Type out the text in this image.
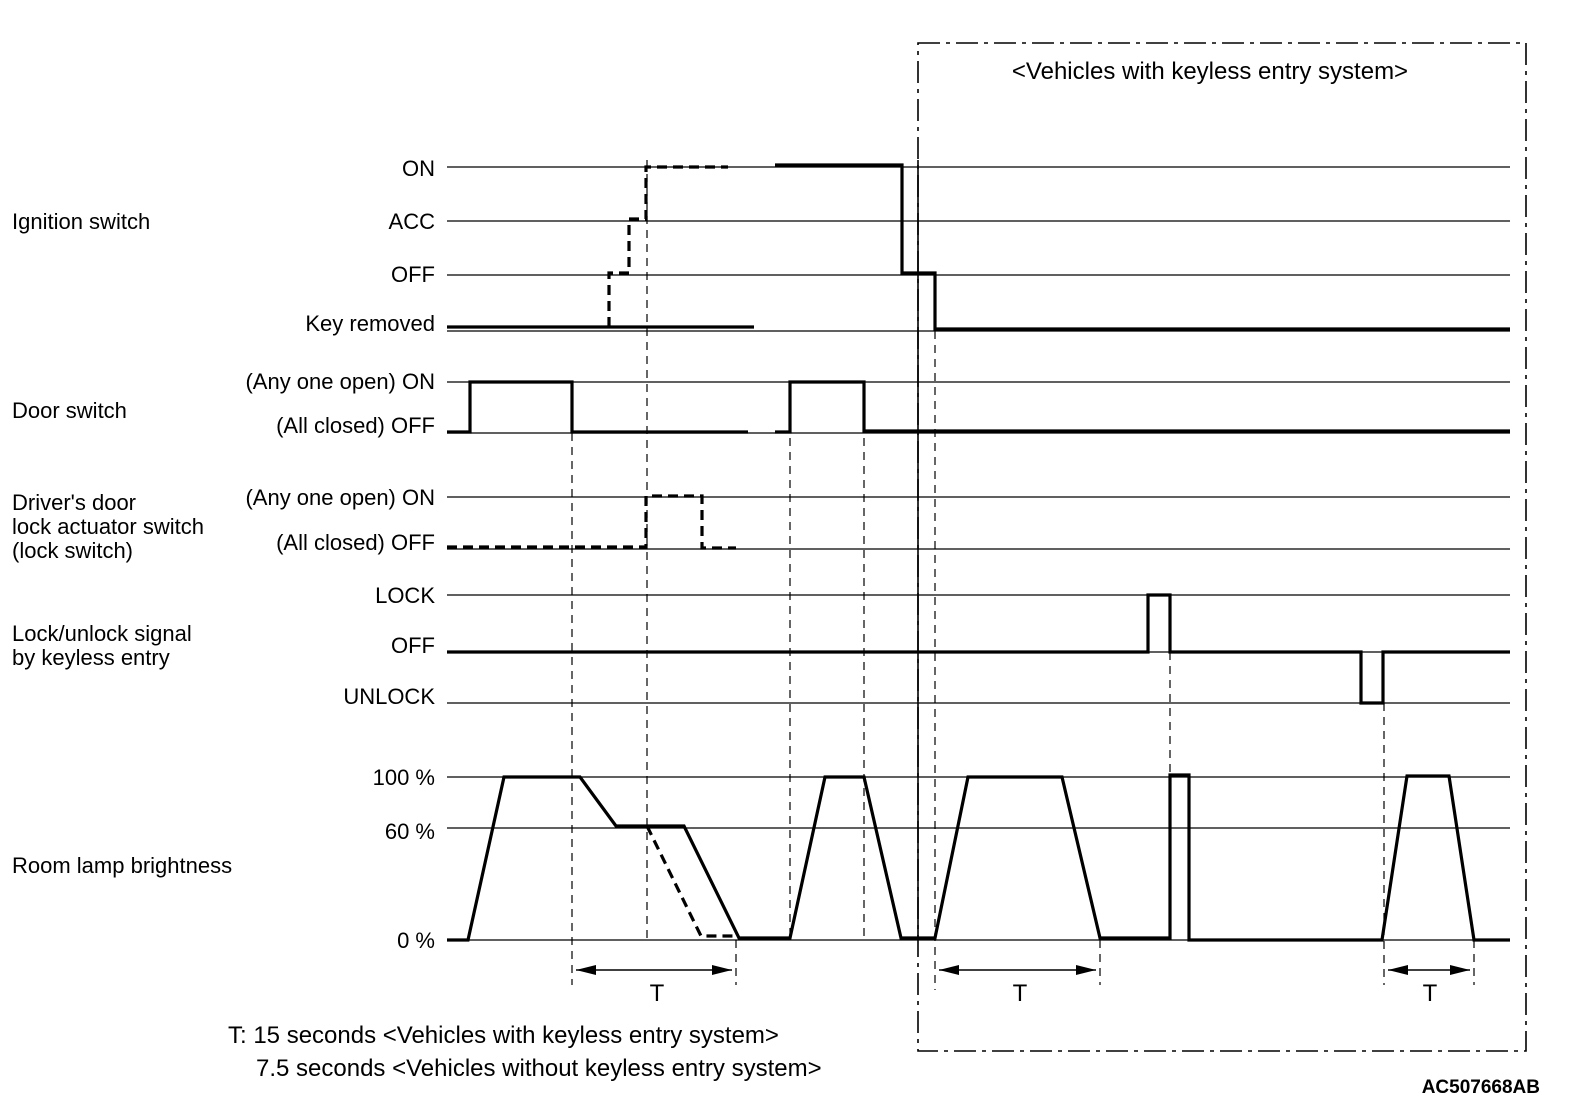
<Vehicles with keyless entry system>
Ignition switch
Door switch
Driver's door
lock actuator switch
(lock switch)
Lock/unlock signal
by keyless entry
Room lamp brightness
ON
ACC
OFF
Key removed
(Any one open) ON
(All closed) OFF
(Any one open) ON
(All closed) OFF
LOCK
OFF
UNLOCK
100 %
60 %
0 %
T	T	T
T: 15 seconds <Vehicles with keyless entry system>
7.5 seconds <Vehicles without keyless entry system>
AC507668AB
